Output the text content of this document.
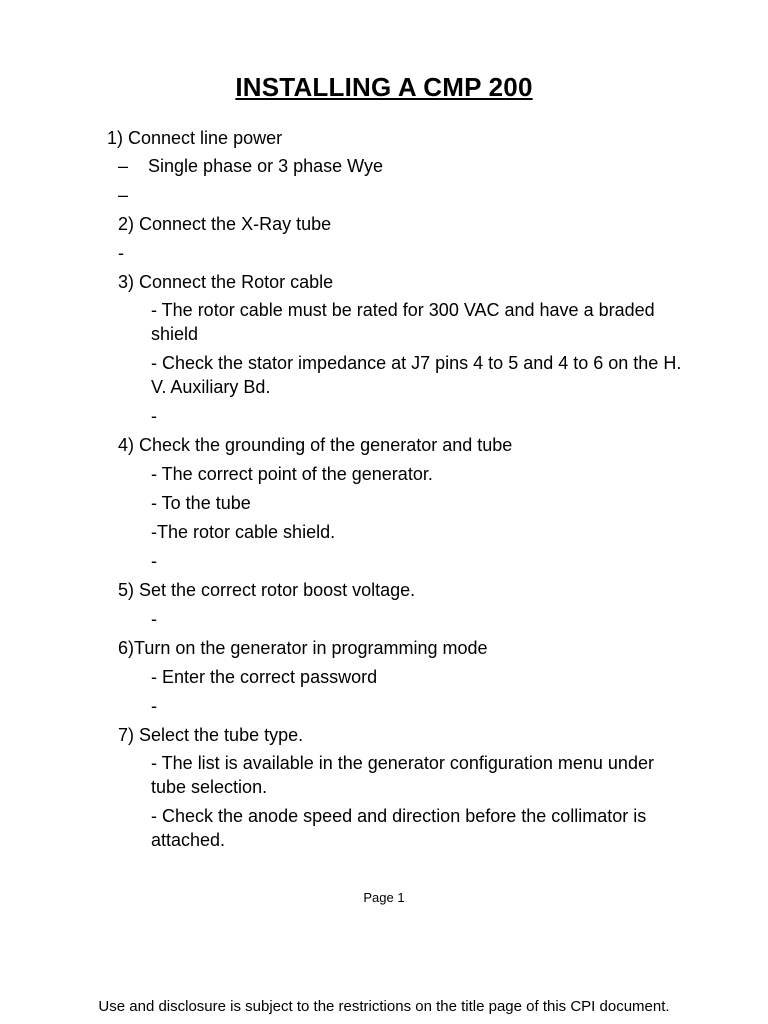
INSTALLING A CMP 200
1) Connect line power
–    Single phase or 3 phase Wye
–
2) Connect the X-Ray tube
-
3) Connect the Rotor cable
- The rotor cable must be rated for 300 VAC and have a braded shield
- Check the stator impedance at J7 pins 4 to 5 and 4 to 6 on the H. V. Auxiliary Bd.
-
4) Check the grounding of the generator and tube
- The correct point of the generator.
- To the tube
-The rotor cable shield.
-
5) Set the correct rotor boost voltage.
-
6)Turn on the generator in programming mode
- Enter the correct password
-
7) Select the tube type.
- The list is available in the generator configuration menu under tube selection.
- Check the anode speed and direction before the collimator is attached.
Page 1
Use and disclosure is subject to the restrictions on the title page of this CPI document.
